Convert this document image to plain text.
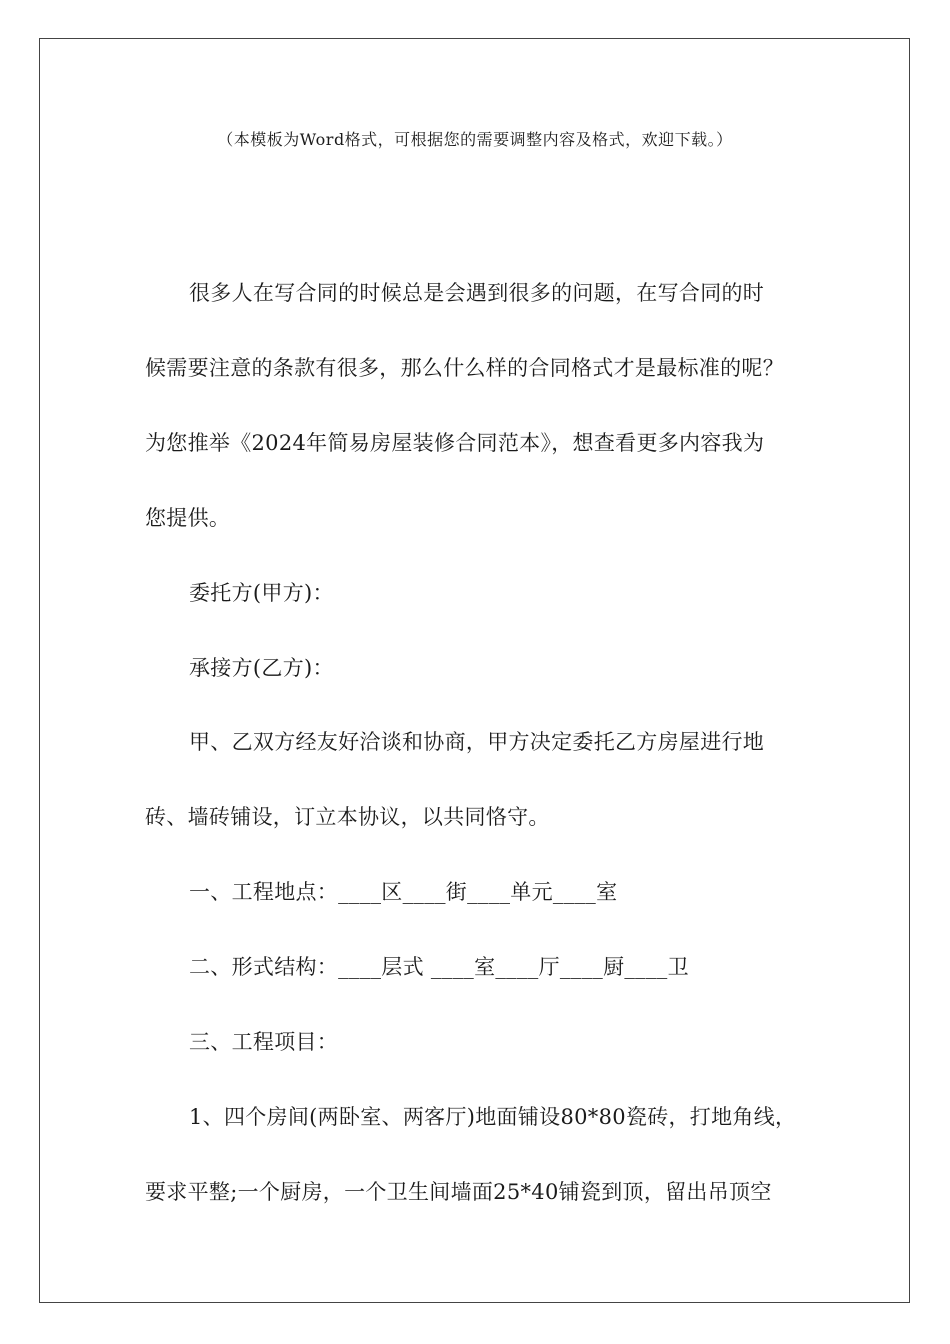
（本模板为Word格式，可根据您的需要调整内容及格式，欢迎下载。）
很多人在写合同的时候总是会遇到很多的问题，在写合同的时
候需要注意的条款有很多，那么什么样的合同格式才是最标准的呢？
为您推举《2024年简易房屋装修合同范本》，想查看更多内容我为
您提供。
委托方(甲方)：
承接方(乙方)：
甲、乙双方经友好洽谈和协商，甲方决定委托乙方房屋进行地
砖、墙砖铺设，订立本协议，以共同恪守。
一、工程地点：____区____街____单元____室
二、形式结构：____层式 ____室____厅____厨____卫
三、工程项目：
1、四个房间(两卧室、两客厅)地面铺设80*80瓷砖，打地角线，
要求平整;一个厨房，一个卫生间墙面25*40铺瓷到顶，留出吊顶空
